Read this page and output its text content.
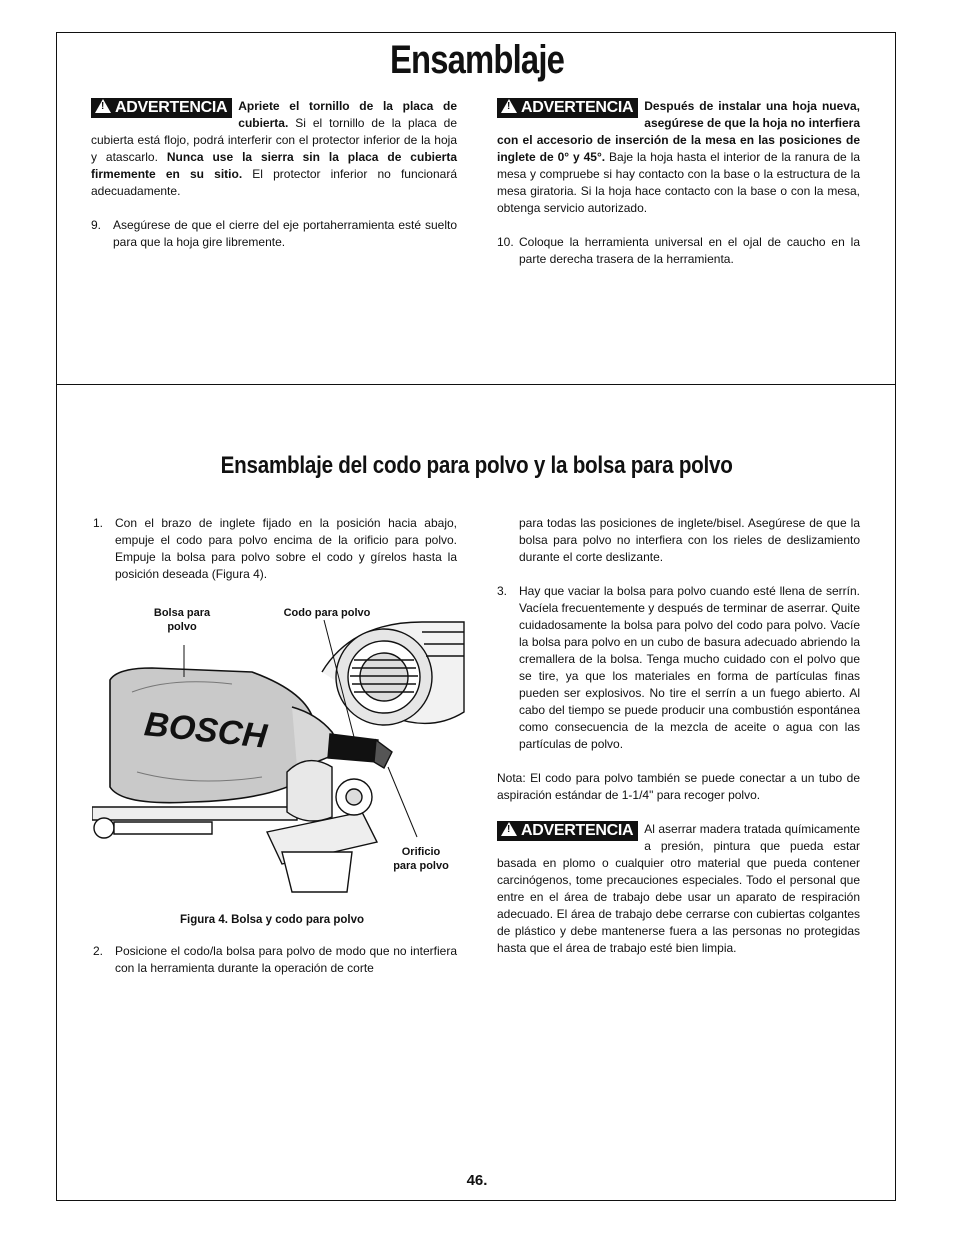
Ensamblaje

!ADVERTENCIA Apriete el tornillo de la placa de cubierta. Si el tornillo de la placa de cubierta está flojo, podrá interferir con el protector inferior de la hoja y atascarlo. Nunca use la sierra sin la placa de cubierta firmemente en su sitio. El protector inferior no funcionará adecuadamente.

9. Asegúrese de que el cierre del eje portaherramienta esté suelto para que la hoja gire libremente.

!ADVERTENCIA Después de instalar una hoja nueva, asegúrese de que la hoja no interfiera con el accesorio de inserción de la mesa en las posiciones de inglete de 0° y 45°. Baje la hoja hasta el interior de la ranura de la mesa y compruebe si hay contacto con la base o la estructura de la mesa giratoria. Si la hoja hace contacto con la base o con la mesa, obtenga servicio autorizado.

10. Coloque la herramienta universal en el ojal de caucho en la parte derecha trasera de la herramienta.

Ensamblaje del codo para polvo y la bolsa para polvo

1. Con el brazo de inglete fijado en la posición hacia abajo, empuje el codo para polvo encima de la orificio para polvo. Empuje la bolsa para polvo sobre el codo y gírelos hasta la posición deseada (Figura 4).

BOSCH
Bolsa para polvo
Codo para polvo
Orificio para polvo
Figura 4. Bolsa y codo para polvo

2. Posicione el codo/la bolsa para polvo de modo que no interfiera con la herramienta durante la operación de corte

para todas las posiciones de inglete/bisel. Asegúrese de que la bolsa para polvo no interfiera con los rieles de deslizamiento durante el corte deslizante.

3. Hay que vaciar la bolsa para polvo cuando esté llena de serrín. Vacíela frecuentemente y después de terminar de aserrar. Quite cuidadosamente la bolsa para polvo del codo para polvo. Vacíe la bolsa para polvo en un cubo de basura adecuado abriendo la cremallera de la bolsa. Tenga mucho cuidado con el polvo que se tire, ya que los materiales en forma de partículas finas pueden ser explosivos. No tire el serrín a un fuego abierto. Al cabo del tiempo se puede producir una combustión espontánea como consecuencia de la mezcla de aceite o agua con las partículas de polvo.

Nota: El codo para polvo también se puede conectar a un tubo de aspiración estándar de 1-1/4" para recoger polvo.

!ADVERTENCIA Al aserrar madera tratada químicamente a presión, pintura que pueda estar basada en plomo o cualquier otro material que pueda contener carcinógenos, tome precauciones especiales. Todo el personal que entre en el área de trabajo debe usar un aparato de respiración adecuado. El área de trabajo debe cerrarse con cubiertas colgantes de plástico y debe mantenerse fuera a las personas no protegidas hasta que el área de trabajo esté bien limpia.

46.
